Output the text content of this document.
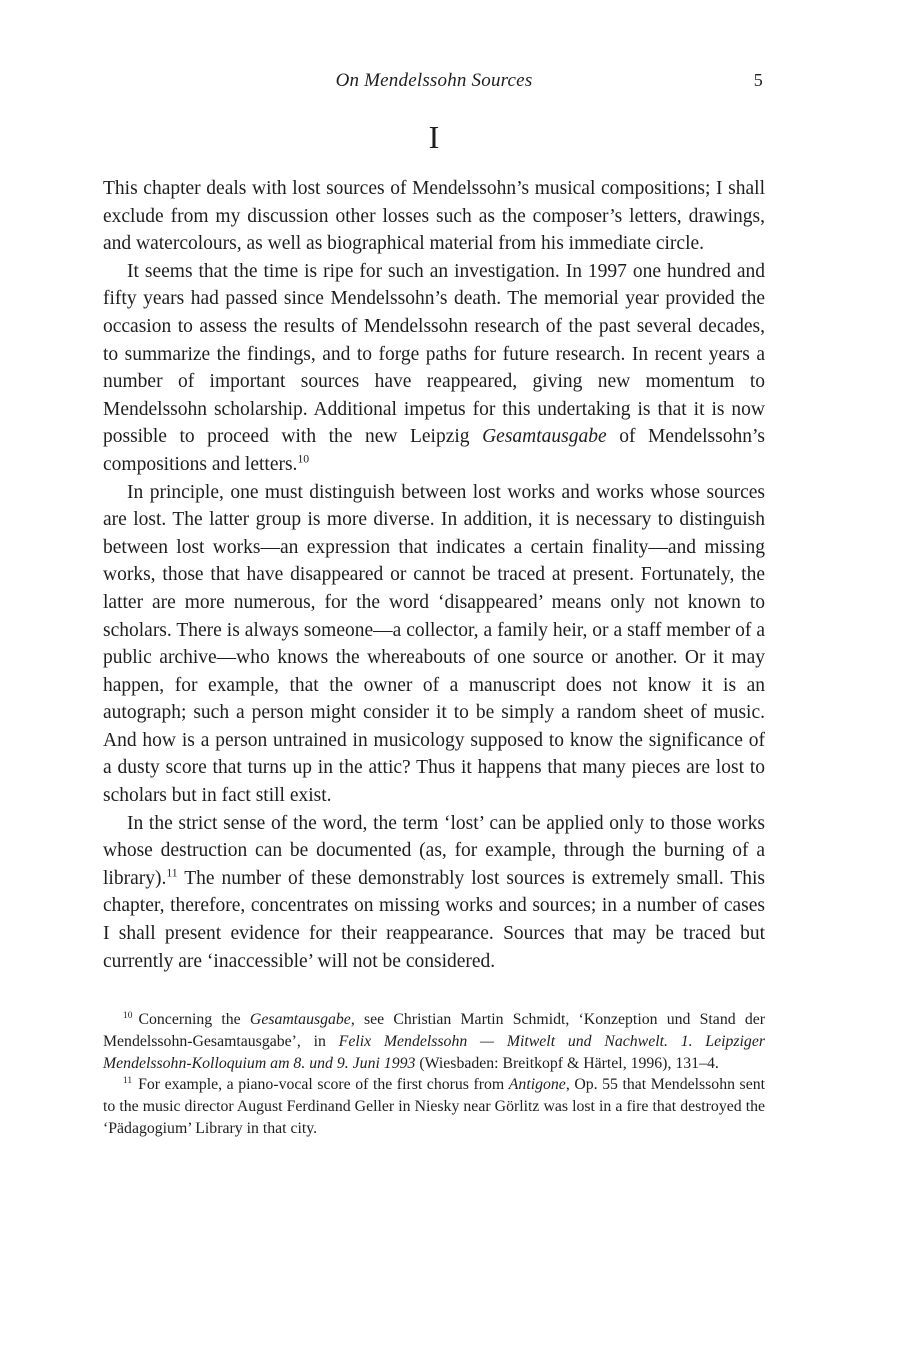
On Mendelssohn Sources	5
I

This chapter deals with lost sources of Mendelssohn’s musical compositions; I shall exclude from my discussion other losses such as the composer’s letters, drawings, and watercolours, as well as biographical material from his immediate circle.

It seems that the time is ripe for such an investigation. In 1997 one hundred and fifty years had passed since Mendelssohn’s death. The memorial year provided the occasion to assess the results of Mendelssohn research of the past several decades, to summarize the findings, and to forge paths for future research. In recent years a number of important sources have reappeared, giving new momentum to Mendelssohn scholarship. Additional impetus for this undertaking is that it is now possible to proceed with the new Leipzig Gesamtausgabe of Mendelssohn’s compositions and letters.$^{10}$

In principle, one must distinguish between lost works and works whose sources are lost. The latter group is more diverse. In addition, it is necessary to distinguish between lost works—an expression that indicates a certain finality—and missing works, those that have disappeared or cannot be traced at present. Fortunately, the latter are more numerous, for the word ‘disappeared’ means only not known to scholars. There is always someone—a collector, a family heir, or a staff member of a public archive—who knows the whereabouts of one source or another. Or it may happen, for example, that the owner of a manuscript does not know it is an autograph; such a person might consider it to be simply a random sheet of music. And how is a person untrained in musicology supposed to know the significance of a dusty score that turns up in the attic? Thus it happens that many pieces are lost to scholars but in fact still exist.

In the strict sense of the word, the term ‘lost’ can be applied only to those works whose destruction can be documented (as, for example, through the burning of a library).$^{11}$ The number of these demonstrably lost sources is extremely small. This chapter, therefore, concentrates on missing works and sources; in a number of cases I shall present evidence for their reappearance. Sources that may be traced but currently are ‘inaccessible’ will not be considered.

$^{10}$ Concerning the Gesamtausgabe, see Christian Martin Schmidt, ‘Konzeption und Stand der Mendelssohn-Gesamtausgabe’, in Felix Mendelssohn — Mitwelt und Nachwelt. 1. Leipziger Mendelssohn-Kolloquium am 8. und 9. Juni 1993 (Wiesbaden: Breitkopf & Härtel, 1996), 131–4.

$^{11}$ For example, a piano-vocal score of the first chorus from Antigone, Op. 55 that Mendelssohn sent to the music director August Ferdinand Geller in Niesky near Görlitz was lost in a fire that destroyed the ‘Pädagogium’ Library in that city.
